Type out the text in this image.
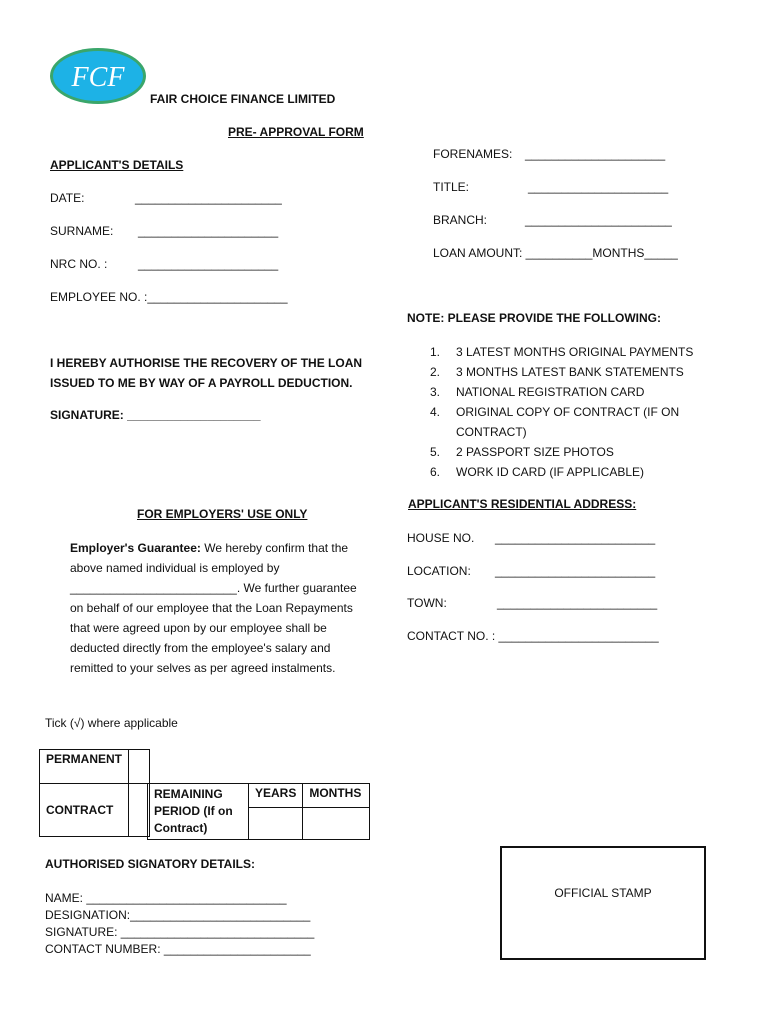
FCF
FAIR CHOICE FINANCE LIMITED
PRE- APPROVAL FORM
APPLICANT'S DETAILS
DATE:	______________________
SURNAME: _____________________
NRC NO. :	_____________________
EMPLOYEE NO. :_____________________
FORENAMES: _____________________
TITLE:	_____________________
BRANCH:	______________________
LOAN AMOUNT: __________MONTHS_____
NOTE: PLEASE PROVIDE THE FOLLOWING:
1. 3 LATEST MONTHS ORIGINAL PAYMENTS
2. 3 MONTHS LATEST BANK STATEMENTS
3. NATIONAL REGISTRATION CARD
4. ORIGINAL COPY OF CONTRACT (IF ON CONTRACT)
5. 2 PASSPORT SIZE PHOTOS
6. WORK ID CARD (IF APPLICABLE)
I HEREBY AUTHORISE THE RECOVERY OF THE LOAN
ISSUED TO ME BY WAY OF A PAYROLL DEDUCTION.
SIGNATURE: ____________________
APPLICANT'S RESIDENTIAL ADDRESS:
HOUSE NO. ________________________
LOCATION: ________________________
TOWN:	________________________
CONTACT NO. : ________________________
FOR EMPLOYERS' USE ONLY
Employer's Guarantee: We hereby confirm that the above named individual is employed by _________________________. We further guarantee on behalf of our employee that the Loan Repayments that were agreed upon by our employee shall be deducted directly from the employee's salary and remitted to your selves as per agreed instalments.
Tick (√) where applicable
PERMANENT	
CONTRACT	
REMAINING PERIOD (If on Contract)	YEARS	MONTHS

AUTHORISED SIGNATORY DETAILS:
NAME: ______________________________
DESIGNATION:___________________________
SIGNATURE: _____________________________
CONTACT NUMBER: ______________________
OFFICIAL STAMP
